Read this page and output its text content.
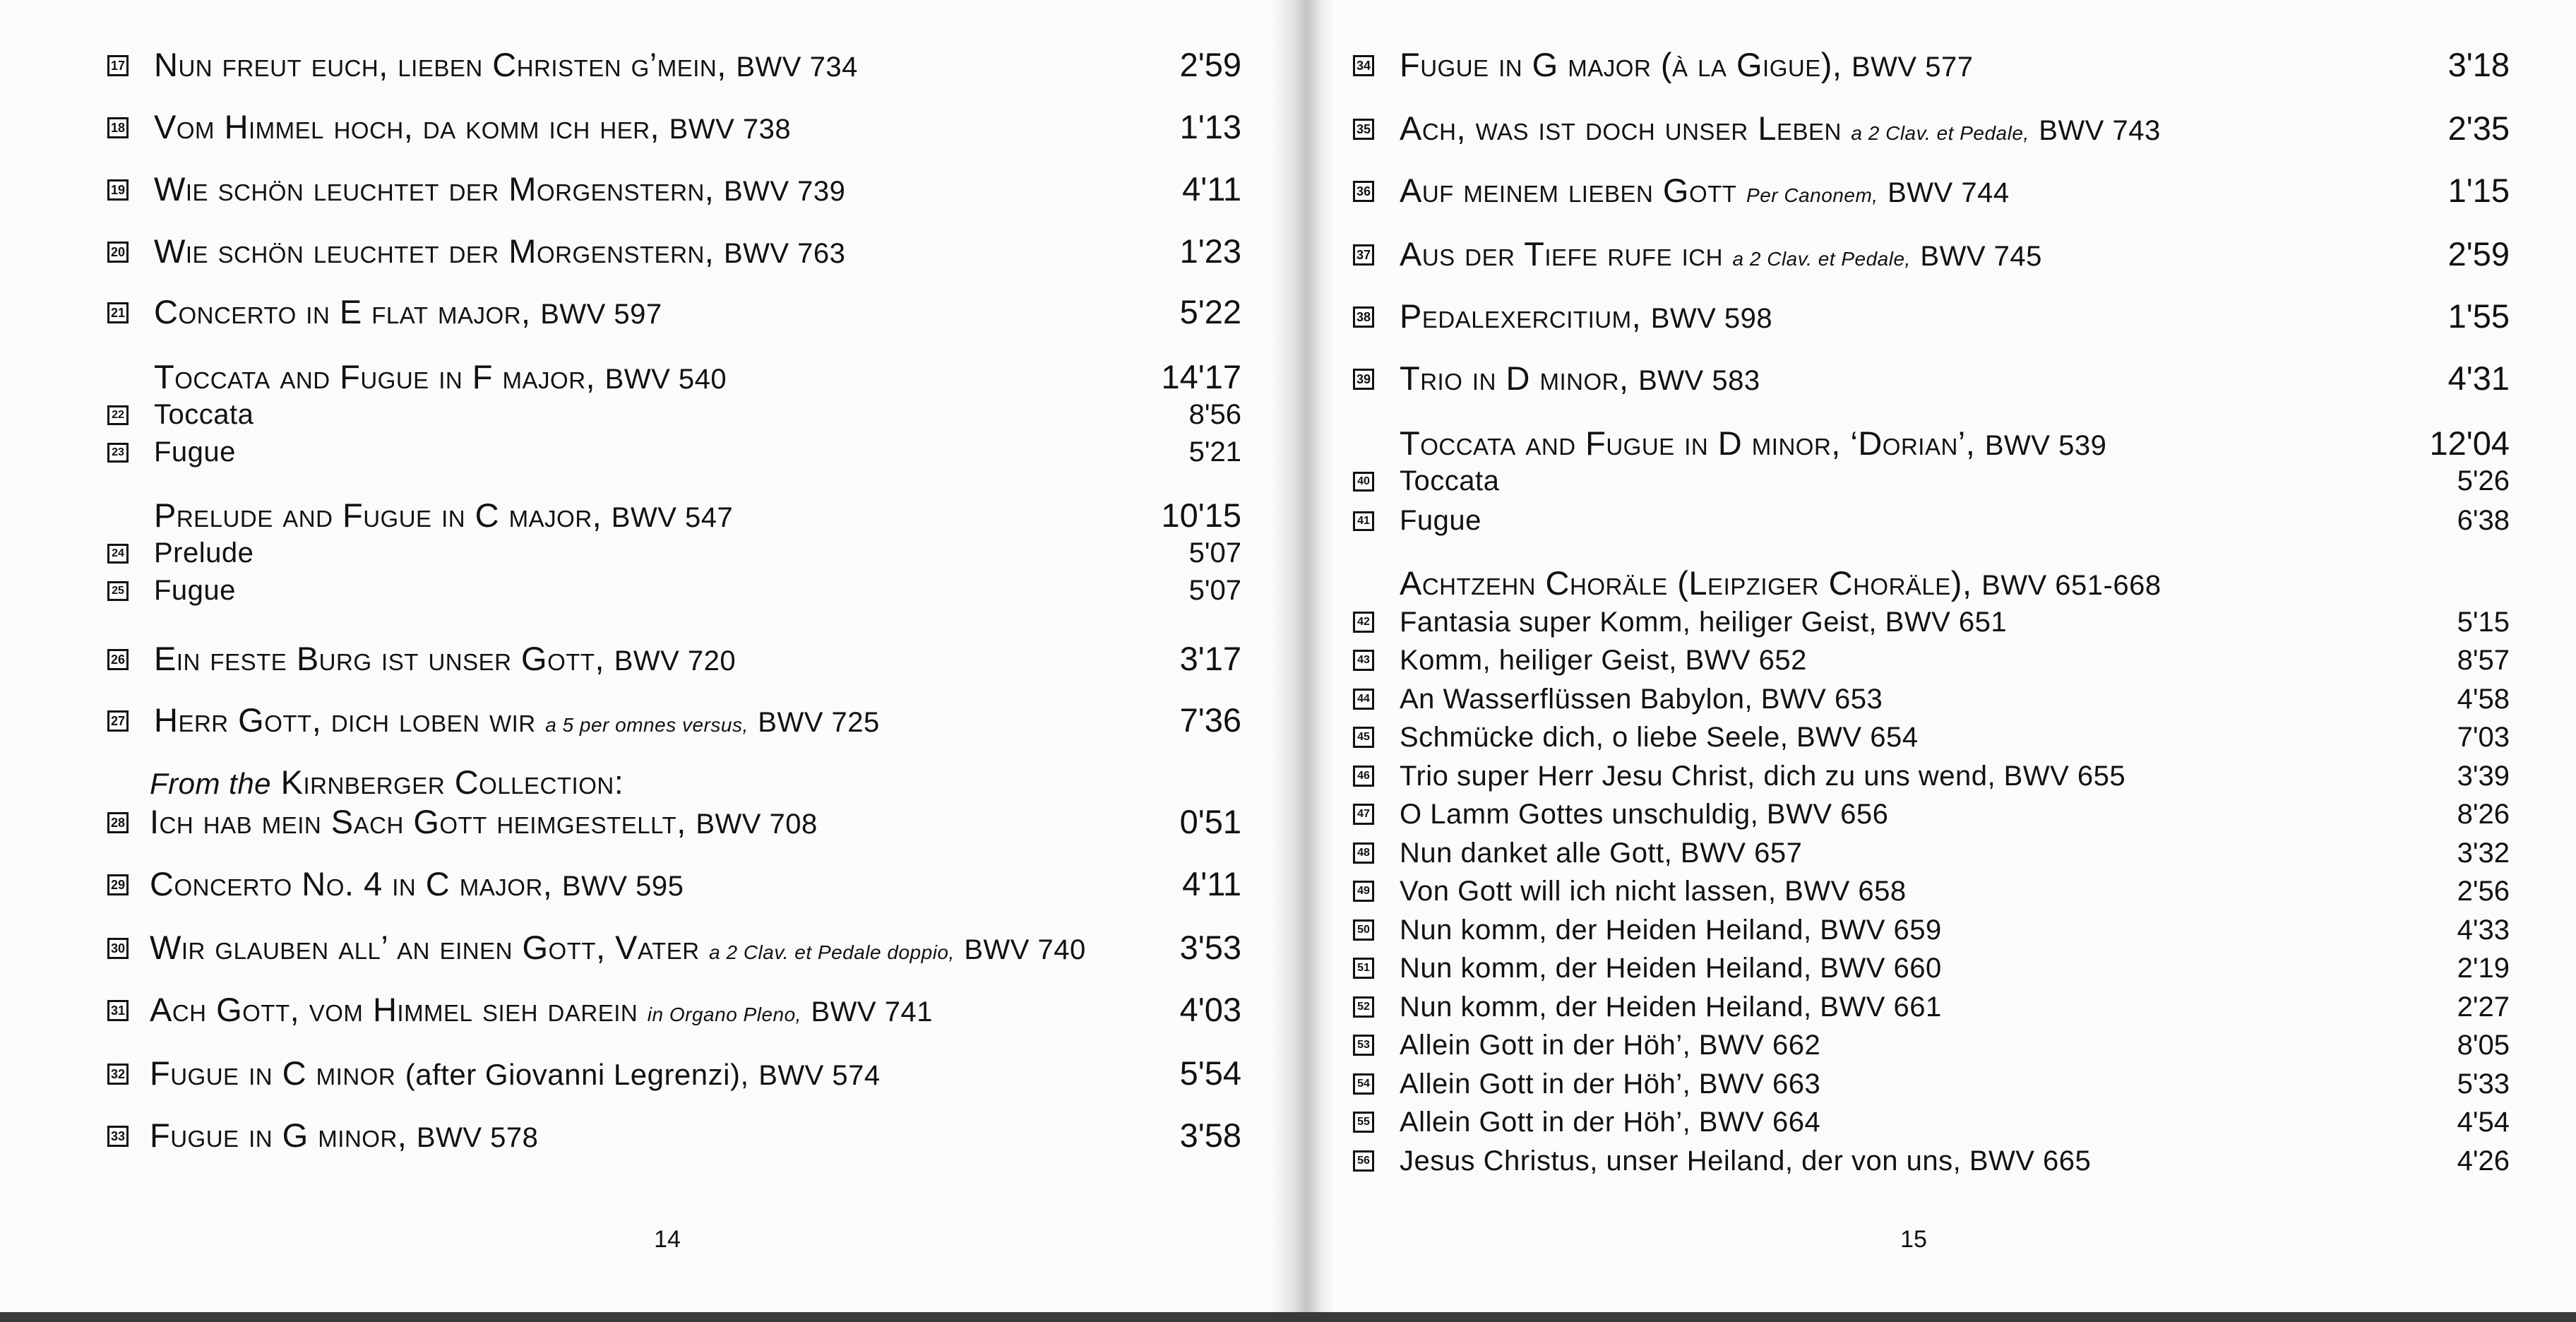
17 Nun freut euch, lieben Christen g’mein, BWV 734	2'59
18 Vom Himmel hoch, da komm ich her, BWV 738	1'13
19 Wie schön leuchtet der Morgenstern, BWV 739	4'11
20 Wie schön leuchtet der Morgenstern, BWV 763	1'23
21 Concerto in E flat major, BWV 597	5'22
Toccata and Fugue in F major, BWV 540	14'17
22 Toccata	8'56
23 Fugue	5'21
Prelude and Fugue in C major, BWV 547	10'15
24 Prelude	5'07
25 Fugue	5'07
26 Ein feste Burg ist unser Gott, BWV 720	3'17
27 Herr Gott, dich loben wir a 5 per omnes versus, BWV 725	7'36
From the Kirnberger Collection:
28 Ich hab mein Sach Gott heimgestellt, BWV 708	0'51
29 Concerto No. 4 in C major, BWV 595	4'11
30 Wir glauben all’ an einen Gott, Vater a 2 Clav. et Pedale doppio, BWV 740	3'53
31 Ach Gott, vom Himmel sieh darein in Organo Pleno, BWV 741	4'03
32 Fugue in C minor (after Giovanni Legrenzi), BWV 574	5'54
33 Fugue in G minor, BWV 578	3'58
14
34 Fugue in G major (à la Gigue), BWV 577	3'18
35 Ach, was ist doch unser Leben a 2 Clav. et Pedale, BWV 743	2'35
36 Auf meinem lieben Gott Per Canonem, BWV 744	1'15
37 Aus der Tiefe rufe ich a 2 Clav. et Pedale, BWV 745	2'59
38 Pedalexercitium, BWV 598	1'55
39 Trio in D minor, BWV 583	4'31
Toccata and Fugue in D minor, ‘Dorian’, BWV 539	12'04
40 Toccata	5'26
41 Fugue	6'38
Achtzehn Choräle (Leipziger Choräle), BWV 651-668
42 Fantasia super Komm, heiliger Geist, BWV 651	5'15
43 Komm, heiliger Geist, BWV 652	8'57
44 An Wasserflüssen Babylon, BWV 653	4'58
45 Schmücke dich, o liebe Seele, BWV 654	7'03
46 Trio super Herr Jesu Christ, dich zu uns wend, BWV 655	3'39
47 O Lamm Gottes unschuldig, BWV 656	8'26
48 Nun danket alle Gott, BWV 657	3'32
49 Von Gott will ich nicht lassen, BWV 658	2'56
50 Nun komm, der Heiden Heiland, BWV 659	4'33
51 Nun komm, der Heiden Heiland, BWV 660	2'19
52 Nun komm, der Heiden Heiland, BWV 661	2'27
53 Allein Gott in der Höh’, BWV 662	8'05
54 Allein Gott in der Höh’, BWV 663	5'33
55 Allein Gott in der Höh’, BWV 664	4'54
56 Jesus Christus, unser Heiland, der von uns, BWV 665	4'26
15
